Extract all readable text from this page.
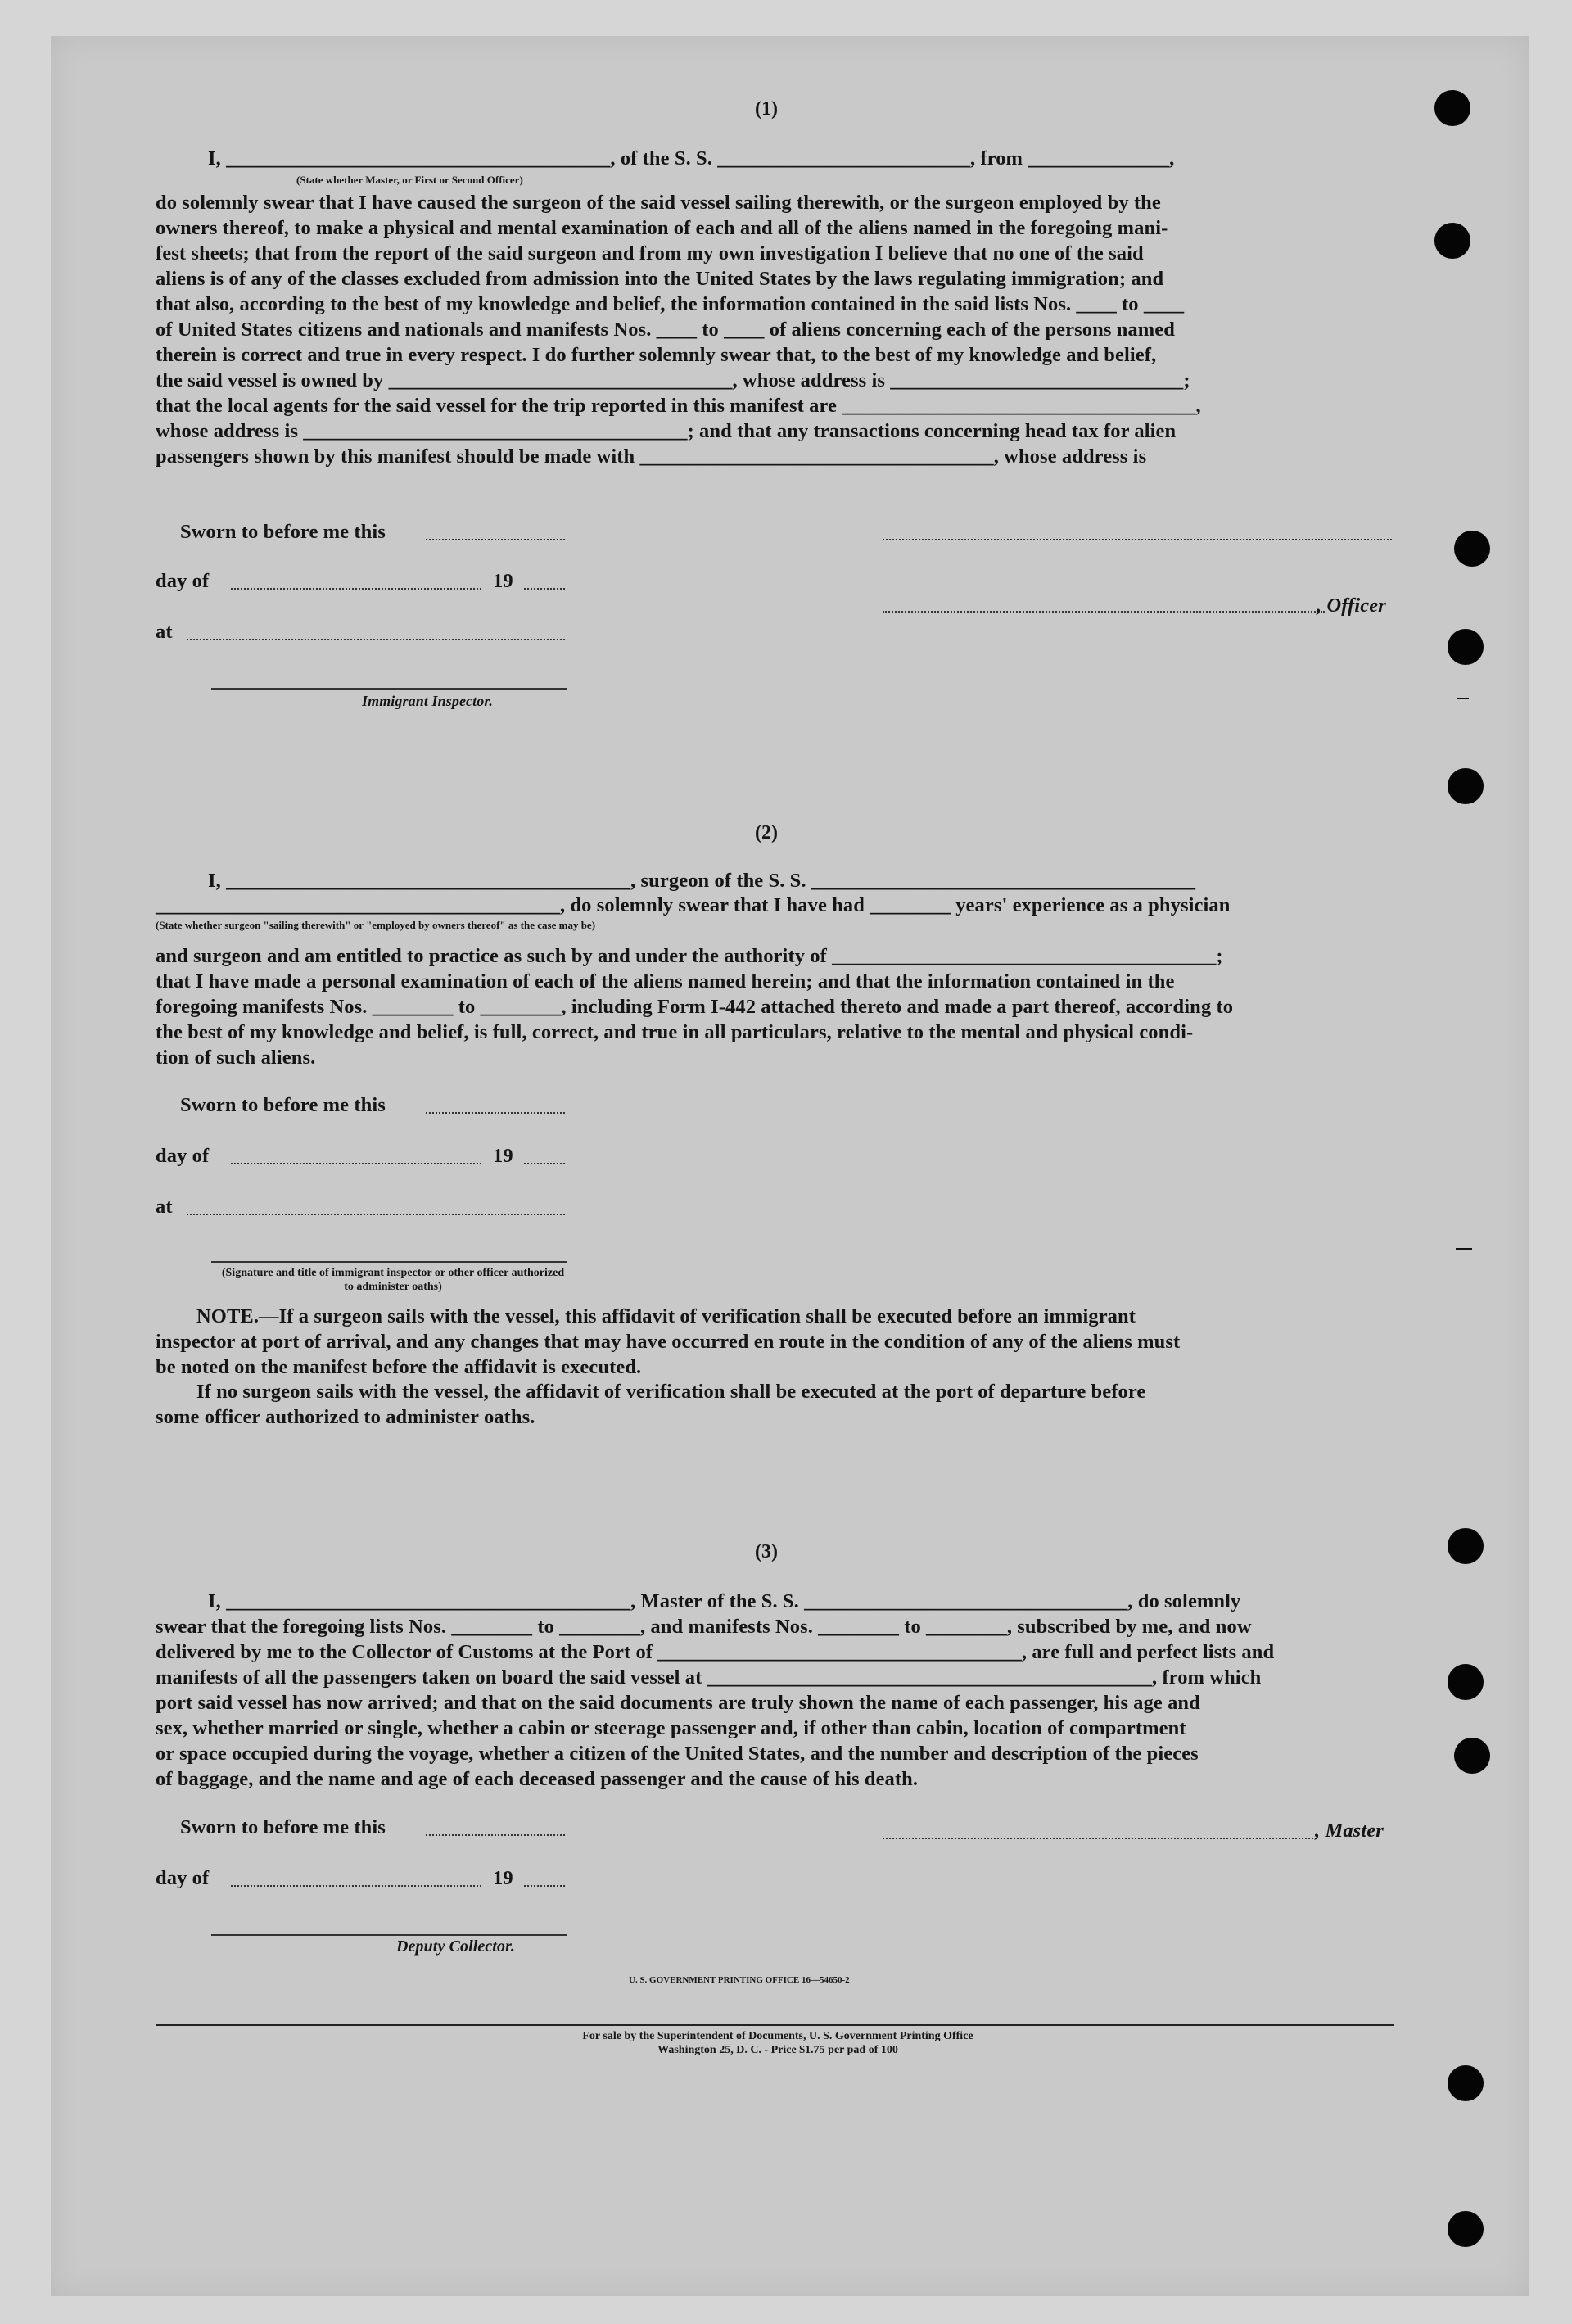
(1)
I, ______________________________________, of the S. S. _________________________, from ______________,
(State whether Master, or First or Second Officer)
do solemnly swear that I have caused the surgeon of the said vessel sailing therewith, or the surgeon employed by the
owners thereof, to make a physical and mental examination of each and all of the aliens named in the foregoing mani-
fest sheets; that from the report of the said surgeon and from my own investigation I believe that no one of the said
aliens is of any of the classes excluded from admission into the United States by the laws regulating immigration; and
that also, according to the best of my knowledge and belief, the information contained in the said lists Nos. ____ to ____
of United States citizens and nationals and manifests Nos. ____ to ____ of aliens concerning each of the persons named
therein is correct and true in every respect. I do further solemnly swear that, to the best of my knowledge and belief,
the said vessel is owned by __________________________________, whose address is _____________________________;
that the local agents for the said vessel for the trip reported in this manifest are ___________________________________,
whose address is ______________________________________; and that any transactions concerning head tax for alien
passengers shown by this manifest should be made with ___________________________________, whose address is
Sworn to before me this
day of	19
, Officer
at
Immigrant Inspector.
(2)
I, ________________________________________, surgeon of the S. S. ______________________________________
________________________________________, do solemnly swear that I have had ________ years' experience as a physician
(State whether surgeon "sailing therewith" or "employed by owners thereof" as the case may be)
and surgeon and am entitled to practice as such by and under the authority of ______________________________________;
that I have made a personal examination of each of the aliens named herein; and that the information contained in the
foregoing manifests Nos. ________ to ________, including Form I-442 attached thereto and made a part thereof, according to
the best of my knowledge and belief, is full, correct, and true in all particulars, relative to the mental and physical condi-
tion of such aliens.
Sworn to before me this
day of	19
at
(Signature and title of immigrant inspector or other officer authorized to administer oaths)
NOTE.—If a surgeon sails with the vessel, this affidavit of verification shall be executed before an immigrant
inspector at port of arrival, and any changes that may have occurred en route in the condition of any of the aliens must
be noted on the manifest before the affidavit is executed.
If no surgeon sails with the vessel, the affidavit of verification shall be executed at the port of departure before
some officer authorized to administer oaths.
(3)
I, ________________________________________, Master of the S. S. ________________________________, do solemnly
swear that the foregoing lists Nos. ________ to ________, and manifests Nos. ________ to ________, subscribed by me, and now
delivered by me to the Collector of Customs at the Port of ____________________________________, are full and perfect lists and
manifests of all the passengers taken on board the said vessel at ____________________________________________, from which
port said vessel has now arrived; and that on the said documents are truly shown the name of each passenger, his age and
sex, whether married or single, whether a cabin or steerage passenger and, if other than cabin, location of compartment
or space occupied during the voyage, whether a citizen of the United States, and the number and description of the pieces
of baggage, and the name and age of each deceased passenger and the cause of his death.
Sworn to before me this	, Master
day of	19
Deputy Collector.
U. S. GOVERNMENT PRINTING OFFICE 16—54650-2
For sale by the Superintendent of Documents, U. S. Government Printing Office
Washington 25, D. C. - Price $1.75 per pad of 100
